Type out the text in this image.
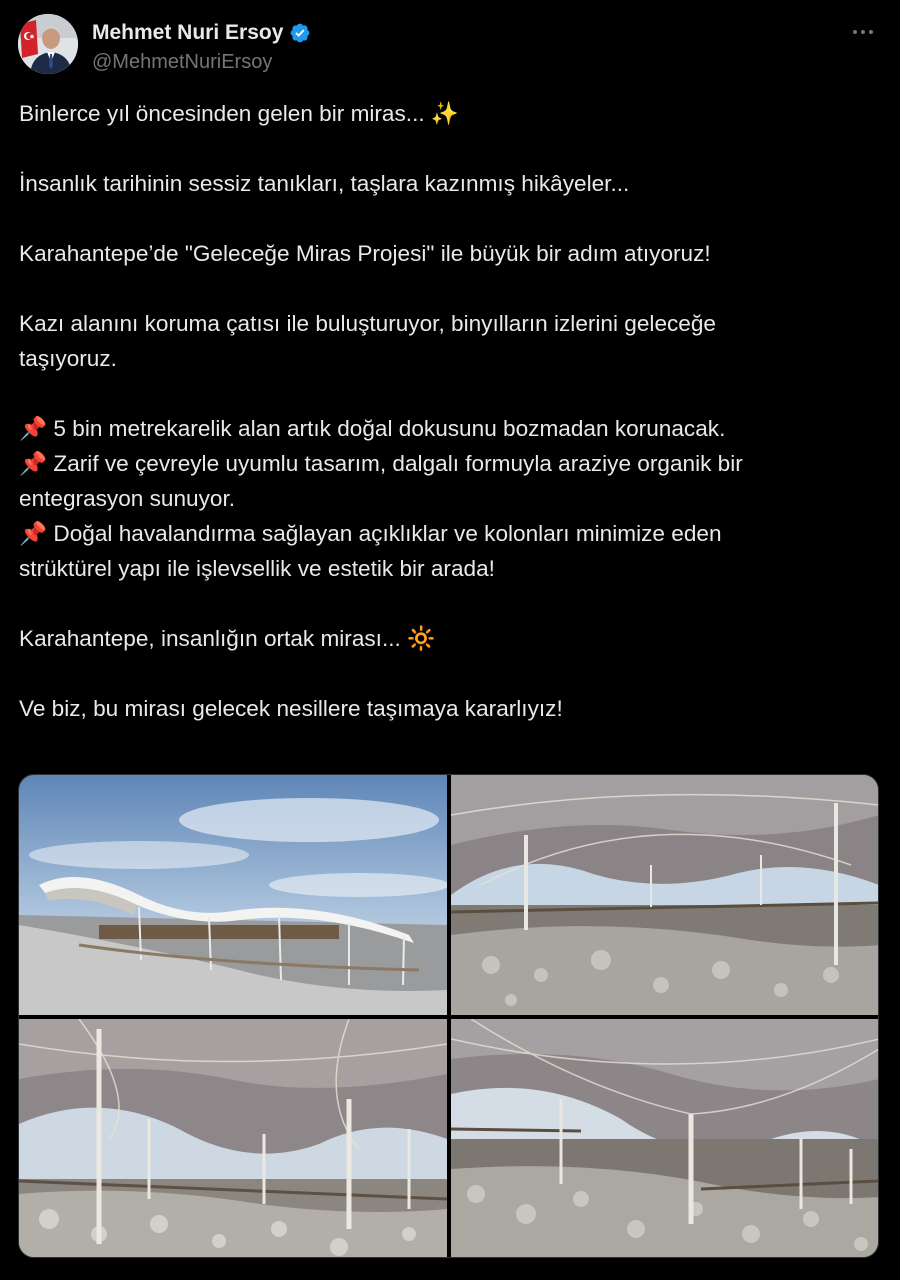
Mehmet Nuri Ersoy
@MehmetNuriErsoy

Binlerce yıl öncesinden gelen bir miras... ✨

İnsanlık tarihinin sessiz tanıkları, taşlara kazınmış hikâyeler...

Karahantepe’de "Geleceğe Miras Projesi" ile büyük bir adım atıyoruz!

Kazı alanını koruma çatısı ile buluşturuyor, binyılların izlerini geleceğe

taşıyoruz.

📌 5 bin metrekarelik alan artık doğal dokusunu bozmadan korunacak.

📌 Zarif ve çevreyle uyumlu tasarım, dalgalı formuyla araziye organik bir

entegrasyon sunuyor.

📌 Doğal havalandırma sağlayan açıklıklar ve kolonları minimize eden

strüktürel yapı ile işlevsellik ve estetik bir arada!

Karahantepe, insanlığın ortak mirası... 🔆

Ve biz, bu mirası gelecek nesillere taşımaya kararlıyız!
